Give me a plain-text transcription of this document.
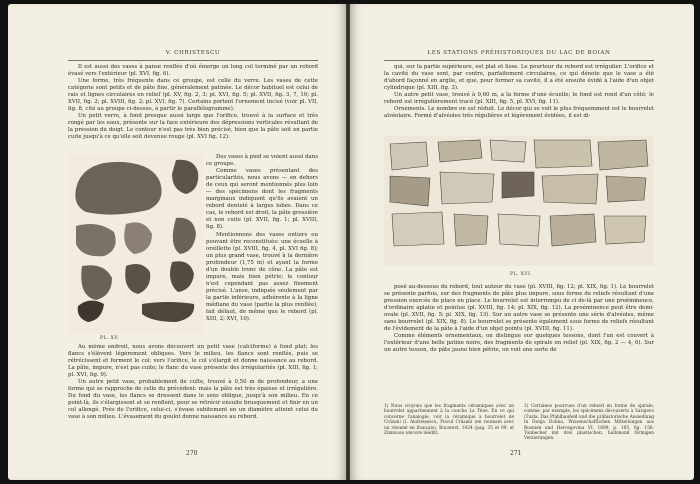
V. CHRISTESCU

Il est aussi des vases à panse renflée d'où émerge un long col terminé par un rebord évasé vers l'extérieur (pl. XVI, fig. 6).

Une forme, très fréquente dans ce groupe, est celle du verre. Les vases de cette catégorie sont petits et de pâte fine, généralement patinée. Le décor habituel est celui de rais et lignes circulaires en relief (pl. XV, fig. 2, 3; pl. XVI, fig. 5; pl. XVII, fig. 3, 7, 10; pl. XVII, fig. 2; pl. XVIII, fig. 2; pl. XVI, fig. 7). Certains portent l'ornement incisé (voir pl. VII, fig. 8, cité au groupe ci-dessus, à partir le parallélogramme).

Un petit verre, à fond presque aussi large que l'orifice, trouvé à la surface et très rongé par les eaux, présente sur la face extérieure des dépressions verticales résultant de la pression du doigt. Le contour n'est pas très bien précisé, bien que la pâte soit en partie cuite jusqu'à ce qu'elle soit devenue rouge (pl. XVI fig. 12).

PL. XV.

Des vases à pied se voient aussi dans ce groupe.

Comme vases présentant des particularités, nous avons — en dehors de ceux qui seront mentionnés plus loin — des spécimens dont les fragments marginaux indiquent qu'ils avaient un rebord dentelé à larges lobes. Dans ce cas, le rebord est droit, la pâte grossière et non cuite (pl. XVII, fig. 1; pl. XVIII, fig. 8).

Mentionnons des vases entiers ou pouvant être reconstitués: une écuelle à oreillette (pl. XVIII, fig. 4, pl. XVI fig. 8); un plus grand vase, trouvé à la dernière profondeur (1,75 m) et ayant la forme d'un double tronc de cône. La pâte est impure, mais bien pétrie; le contour n'est cependant pas assez finement précisé. L'anse, indiquée seulement par la partie inférieure, adhérente à la ligne médiane du vase (partie la plus renflée), fait défaut, de même que le rebord (pl. XIII, 2; XVI, 10).

Au même endroit, nous avons découvert un petit vase (calciforme) à fond plat; les flancs s'élèvent légèrement obliques. Vers le milieu, les flancs sont renflés, puis se rétrécissent et forment le col; vers l'orifice, le col s'élargit et donne naissance au rebord. La pâte, impure, n'est pas cuite; le flanc du vase présente des irrégularités (pl. XIII, fig. 1; pl. XVI, fig. 9).

Un autre petit vase, probablement de culte, trouvé à 0,50 m de profondeur, a une forme qui se rapproche de celle du précédent: mais la pâte est très épaisse et irrégulière. Du fond du vase, les flancs se dressent dans le sens oblique, jusqu'à son milieu. En ce point-là, ils s'élargissent et se renflent, pour se rétrécir ensuite brusquement et finir en un col allongé. Près de l'orifice, celui-ci, s'évase subitement en un diamètre atteint celui du vase à son milieu. L'évasement du goulot donne naissance au rebord.

270
LES STATIONS PRÉHISTORIQUES DU LAC DE BOIAN

qui, sur la partie supérieure, est plat et lisse. Le pourtour du rebord est irrégulier. L'orifice et la cavité du vase sont, par contre, parfaitement circulaires, ce qui dénote que le vase a été d'abord façonné en argile, et que, pour former sa cavité, il a été ensuite évidé à l'aide d'un objet cylindrique (pl. XIII, fig. 3).

Un autre petit vase, trouvé à 0,60 m, a la forme d'une écuelle; le fond est rond d'un côté; le rebord est irrégulièrement tracé (pl. XIII, fig. 5, pl. XVI, fig. 11).

Ornements. Le nombre en est réduit. Le décor qui se voit le plus fréquemment est le bourrelet alvéolaire. Formé d'alvéoles très régulières et légèrement évidées, il est di-

PL. XVI.

posé au-dessous du rebord, tout autour du vase (pl. XVIII, fig. 12; pl. XIX, fig. 1). Le bourrelet se présente parfois, sur des fragments de pâte plus impure, sous forme de reliefs résultant d'une pression exercée de place en place. Le bourrelet est interrompu de ci de-là par une proéminence, d'ordinaire aplatie et pointue (pl. XVIII, fig. 14; pl. XIX, fig. 12). La proéminence peut être demi-ovale (pl. XVII, fig. 5; pl. XIX, fig. 13). Sur un autre vase se présente une série d'alvéoles, même sans bourrelet (pl. XIX, fig. 8). Le bourrelet se présente également sous forme de reliefs résultant de l'évidement de la pâte à l'aide d'un objet pointu (pl. XVIII, fig. 11).

Comme éléments ornementaux, on distingue sur quelques tessons, dont l'un est couvert à l'extérieur d'une belle patine noire, des fragments de spirale en relief (pl. XIX, fig. 2 — 4, 6). Sur un autre tesson, de pâte jaune bien pétrie, on voit une sorte de

1) Nous croyons que les fragments céramiques avec un bourrelet appartiennent à la couche La Tène. En ce qui concerne l'analogie, voir la céramique à bourrelet de Crăsani (I. Andrieșescu, Piscul Crăsani (en roumain avec un résumé en français), Bucarest, 1924 (pag. 35 et 99, et Zimnicea (encore inédit).
2) Certaines pourvues d'un rebord en forme de spirale, comme, par exemple, les spécimens découverts à Sarajevo (Tuzla. Das Pfahlbaufeld und die prähistorische Ansiedlung in Donja Dolina, Wissenschaftlichen Mitteilungen aus Bosnien und Hercegovina VI, 1899, p. 105, fig. 156: Tonbecher mit drei plastischen, halbmond förmigen Verzierungen.
271
